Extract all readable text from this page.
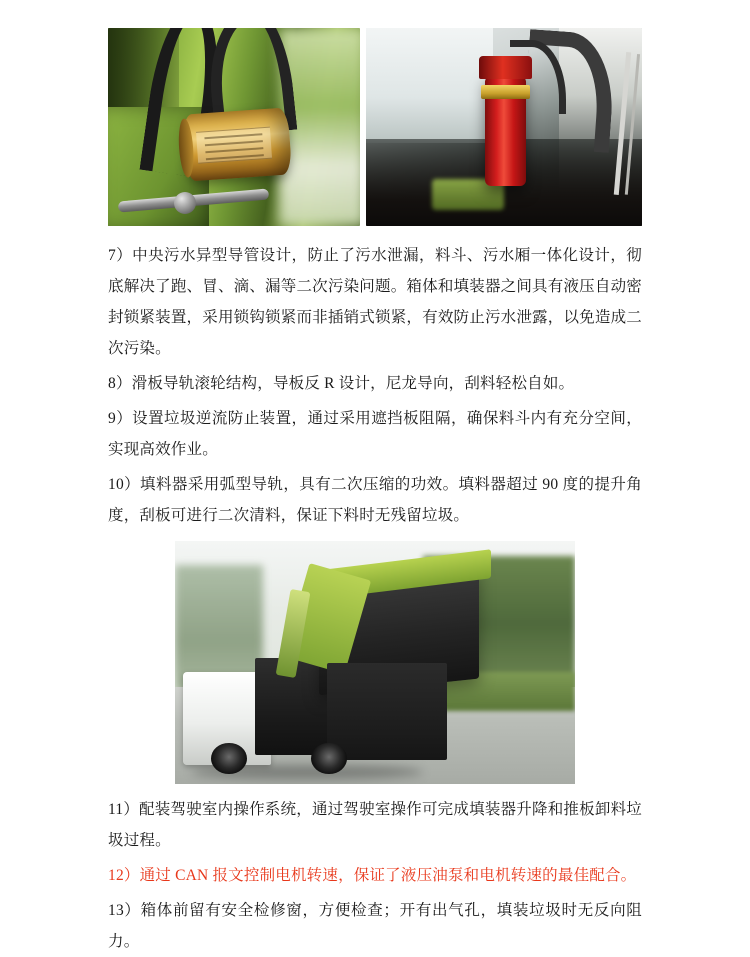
7）中央污水异型导管设计，防止了污水泄漏，料斗、污水厢一体化设计，彻底解决了跑、冒、滴、漏等二次污染问题。箱体和填装器之间具有液压自动密封锁紧装置，采用锁钩锁紧而非插销式锁紧，有效防止污水泄露，以免造成二次污染。

8）滑板导轨滚轮结构，导板反 R 设计，尼龙导向，刮料轻松自如。

9）设置垃圾逆流防止装置，通过采用遮挡板阻隔，确保料斗内有充分空间，实现高效作业。

10）填料器采用弧型导轨，具有二次压缩的功效。填料器超过 90 度的提升角度，刮板可进行二次清料，保证下料时无残留垃圾。

11）配装驾驶室内操作系统，通过驾驶室操作可完成填装器升降和推板卸料垃圾过程。

12）通过 CAN 报文控制电机转速，保证了液压油泵和电机转速的最佳配合。

13）箱体前留有安全检修窗，方便检查；开有出气孔，填装垃圾时无反向阻力。
